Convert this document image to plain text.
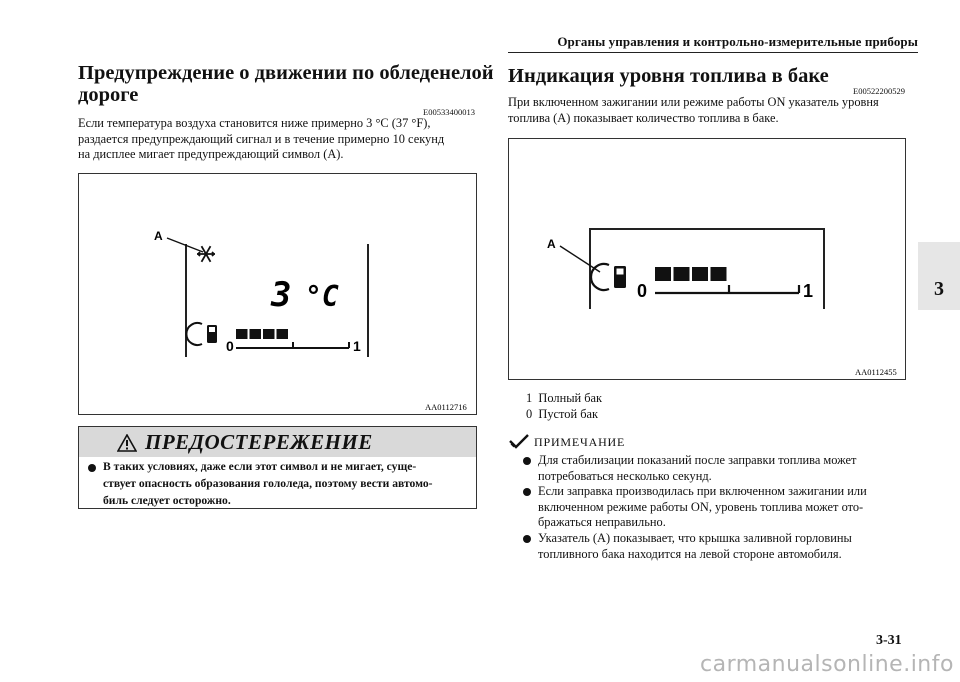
Органы управления и контрольно-измерительные приборы
3
Предупреждение о движении по обледенелой
дороге
E00533400013
Если температура воздуха становится ниже примерно 3 °C (37 °F),
раздается предупреждающий сигнал и в течение примерно 10 секунд
на дисплее мигает предупреждающий символ (A).
A
3 °C
0	1
AA0112716
ПРЕДОСТЕРЕЖЕНИЕ
В таких условиях, даже если этот символ и не мигает, суще-
ствует опасность образования гололеда, поэтому вести автомо-
биль следует осторожно.
Индикация уровня топлива в баке
E00522200529
При включенном зажигании или режиме работы ON указатель уровня
топлива (A) показывает количество топлива в баке.
A
0	1
AA0112455
1 Полный бак
0 Пустой бак
ПРИМЕЧАНИЕ
Для стабилизации показаний после заправки топлива может
потребоваться несколько секунд.
Если заправка производилась при включенном зажигании или
включенном режиме работы ON, уровень топлива может ото-
бражаться неправильно.
Указатель (A) показывает, что крышка заливной горловины
топливного бака находится на левой стороне автомобиля.
3-31
carmanualsonline.info
